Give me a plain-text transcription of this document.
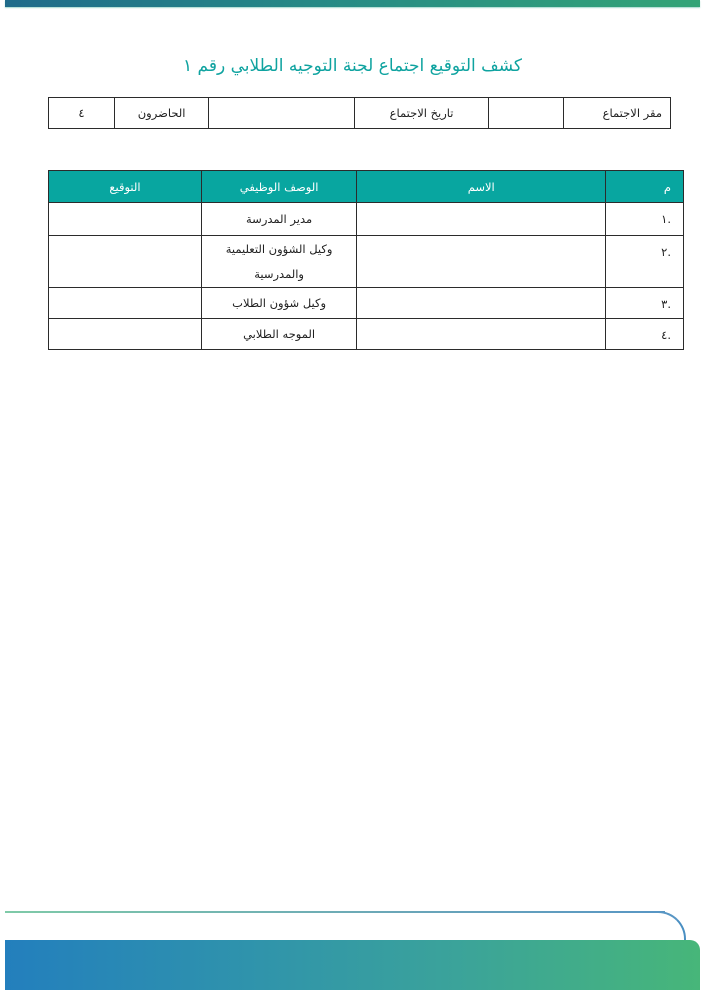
كشف التوقيع اجتماع لجنة التوجيه الطلابي رقم ١
مقر الاجتماع		تاريخ الاجتماع		الحاضرون	٤
م	الاسم	الوصف الوظيفي	التوقيع
.١		مدير المدرسة	
.٢		وكيل الشؤون التعليمية والمدرسية	
.٣		وكيل شؤون الطلاب	
.٤		الموجه الطلابي	
